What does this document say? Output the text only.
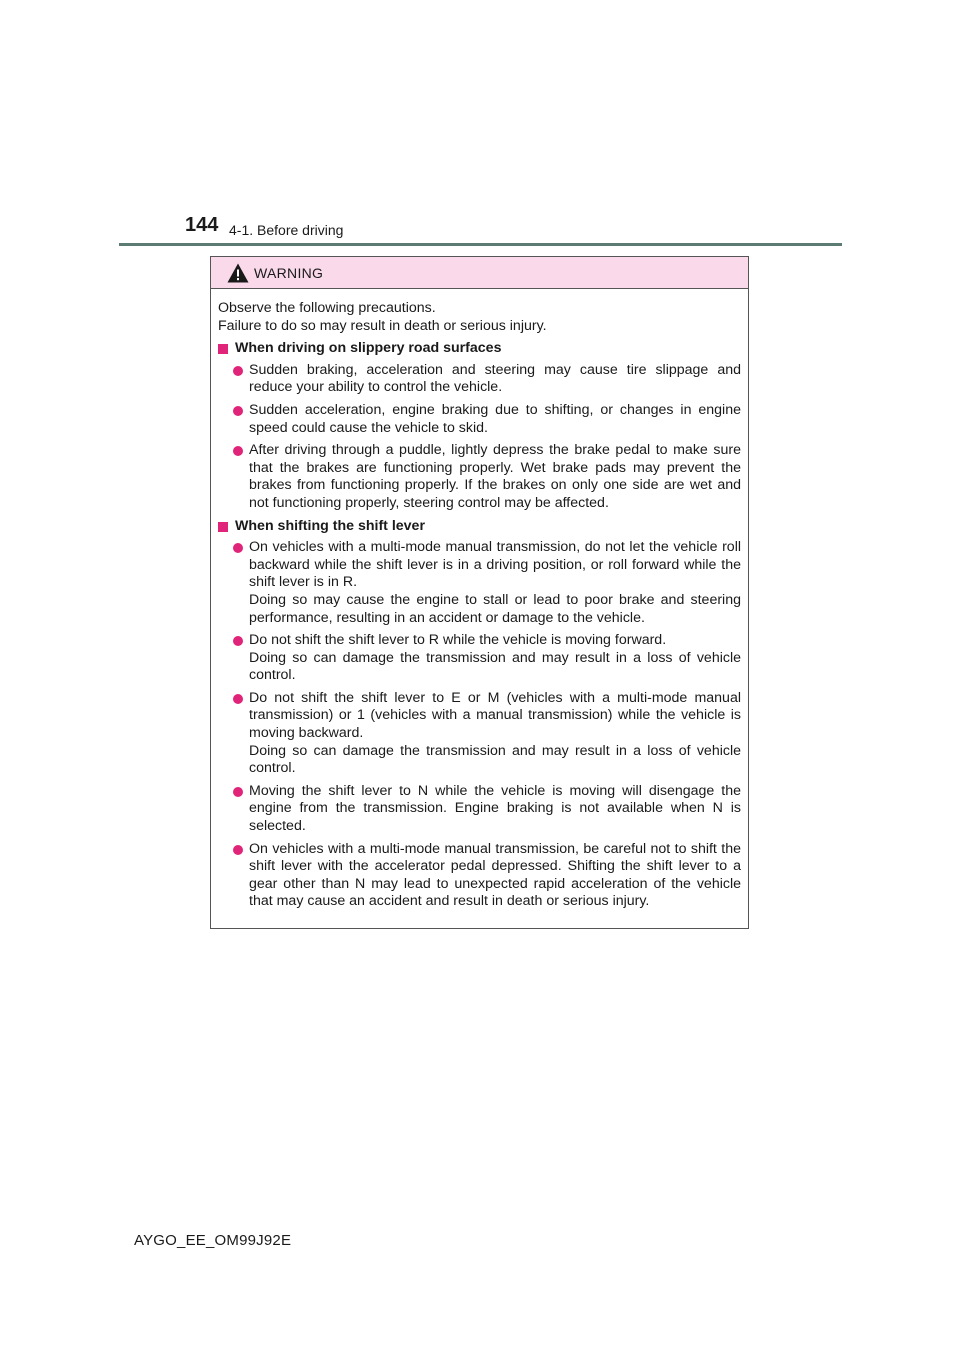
144 4-1. Before driving
WARNING
Observe the following precautions.
Failure to do so may result in death or serious injury.
When driving on slippery road surfaces

Sudden braking, acceleration and steering may cause tire slippage and reduce your ability to control the vehicle.

Sudden acceleration, engine braking due to shifting, or changes in engine speed could cause the vehicle to skid.

After driving through a puddle, lightly depress the brake pedal to make sure that the brakes are functioning properly. Wet brake pads may prevent the brakes from functioning properly. If the brakes on only one side are wet and not functioning properly, steering control may be affected.

When shifting the shift lever

On vehicles with a multi-mode manual transmission, do not let the vehicle roll backward while the shift lever is in a driving position, or roll forward while the shift lever is in R.

Doing so may cause the engine to stall or lead to poor brake and steering performance, resulting in an accident or damage to the vehicle.

Do not shift the shift lever to R while the vehicle is moving forward.

Doing so can damage the transmission and may result in a loss of vehicle control.

Do not shift the shift lever to E or M (vehicles with a multi-mode manual transmission) or 1 (vehicles with a manual transmission) while the vehicle is moving backward.

Doing so can damage the transmission and may result in a loss of vehicle control.

Moving the shift lever to N while the vehicle is moving will disengage the engine from the transmission. Engine braking is not available when N is selected.

On vehicles with a multi-mode manual transmission, be careful not to shift the shift lever with the accelerator pedal depressed. Shifting the shift lever to a gear other than N may lead to unexpected rapid acceleration of the vehicle that may cause an accident and result in death or serious injury.

AYGO_EE_OM99J92E
